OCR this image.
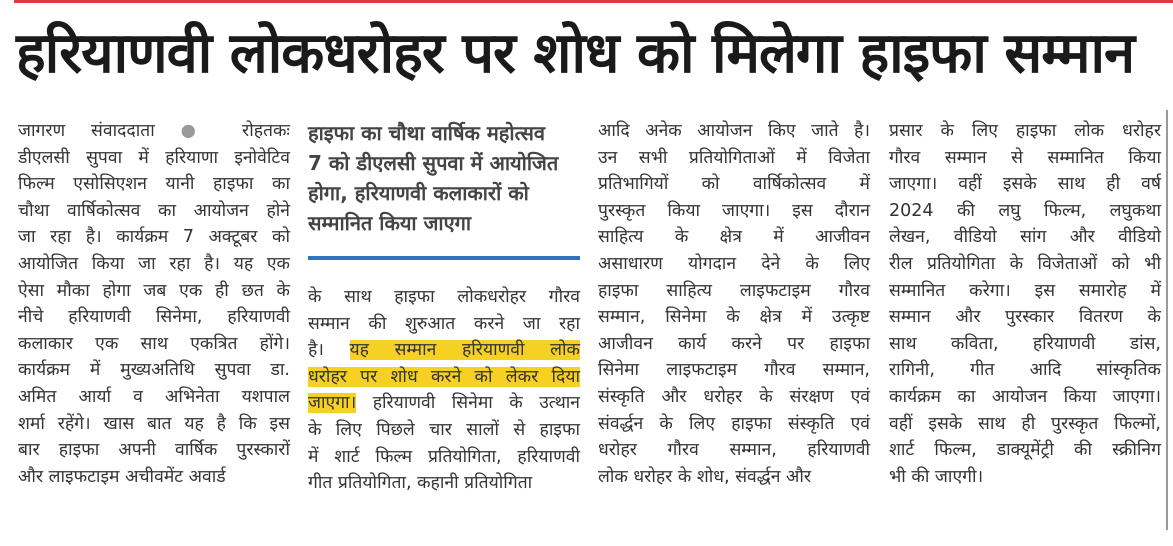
हरियाणवी लोकधरोहर पर शोध को मिलेगा हाइफा सम्मान
जागरण संवाददाता ● रोहतकः
डीएलसी सुपवा में हरियाणा इनोवेटिव
फिल्म एसोसिएशन यानी हाइफा का
चौथा वार्षिकोत्सव का आयोजन होने
जा रहा है। कार्यक्रम 7 अक्टूबर को
आयोजित किया जा रहा है। यह एक
ऐसा मौका होगा जब एक ही छत के
नीचे हरियाणवी सिनेमा, हरियाणवी
कलाकार एक साथ एकत्रित होंगे।
कार्यक्रम में मुख्यअतिथि सुपवा डा.
अमित आर्या व अभिनेता यशपाल
शर्मा रहेंगे। खास बात यह है कि इस
बार हाइफा अपनी वार्षिक पुरस्कारों
और लाइफटाइम अचीवमेंट अवार्ड
हाइफा का चौथा वार्षिक महोत्सव
7 को डीएलसी सुपवा में आयोजित
होगा, हरियाणवी कलाकारों को
सम्मानित किया जाएगा
के साथ हाइफा लोकधरोहर गौरव
सम्मान की शुरुआत करने जा रहा
है। यह सम्मान हरियाणवी लोक
धरोहर पर शोध करने को लेकर दिया
जाएगा। हरियाणवी सिनेमा के उत्थान
के लिए पिछले चार सालों से हाइफा
में शार्ट फिल्म प्रतियोगिता, हरियाणवी
गीत प्रतियोगिता, कहानी प्रतियोगिता
आदि अनेक आयोजन किए जाते है।
उन सभी प्रतियोगिताओं में विजेता
प्रतिभागियों को वार्षिकोत्सव में
पुरस्कृत किया जाएगा। इस दौरान
साहित्य के क्षेत्र में आजीवन
असाधारण योगदान देने के लिए
हाइफा साहित्य लाइफटाइम गौरव
सम्मान, सिनेमा के क्षेत्र में उत्कृष्ट
आजीवन कार्य करने पर हाइफा
सिनेमा लाइफटाइम गौरव सम्मान,
संस्कृति और धरोहर के संरक्षण एवं
संवर्द्धन के लिए हाइफा संस्कृति एवं
धरोहर गौरव सम्मान, हरियाणवी
लोक धरोहर के शोध, संवर्द्धन और
प्रसार के लिए हाइफा लोक धरोहर
गौरव सम्मान से सम्मानित किया
जाएगा। वहीं इसके साथ ही वर्ष
2024 की लघु फिल्म, लघुकथा
लेखन, वीडियो सांग और वीडियो
रील प्रतियोगिता के विजेताओं को भी
सम्मानित करेगा। इस समारोह में
सम्मान और पुरस्कार वितरण के
साथ कविता, हरियाणवी डांस,
रागिनी, गीत आदि सांस्कृतिक
कार्यक्रम का आयोजन किया जाएगा।
वहीं इसके साथ ही पुरस्कृत फिल्मों,
शार्ट फिल्म, डाक्यूमेंट्री की स्क्रीनिग
भी की जाएगी।
